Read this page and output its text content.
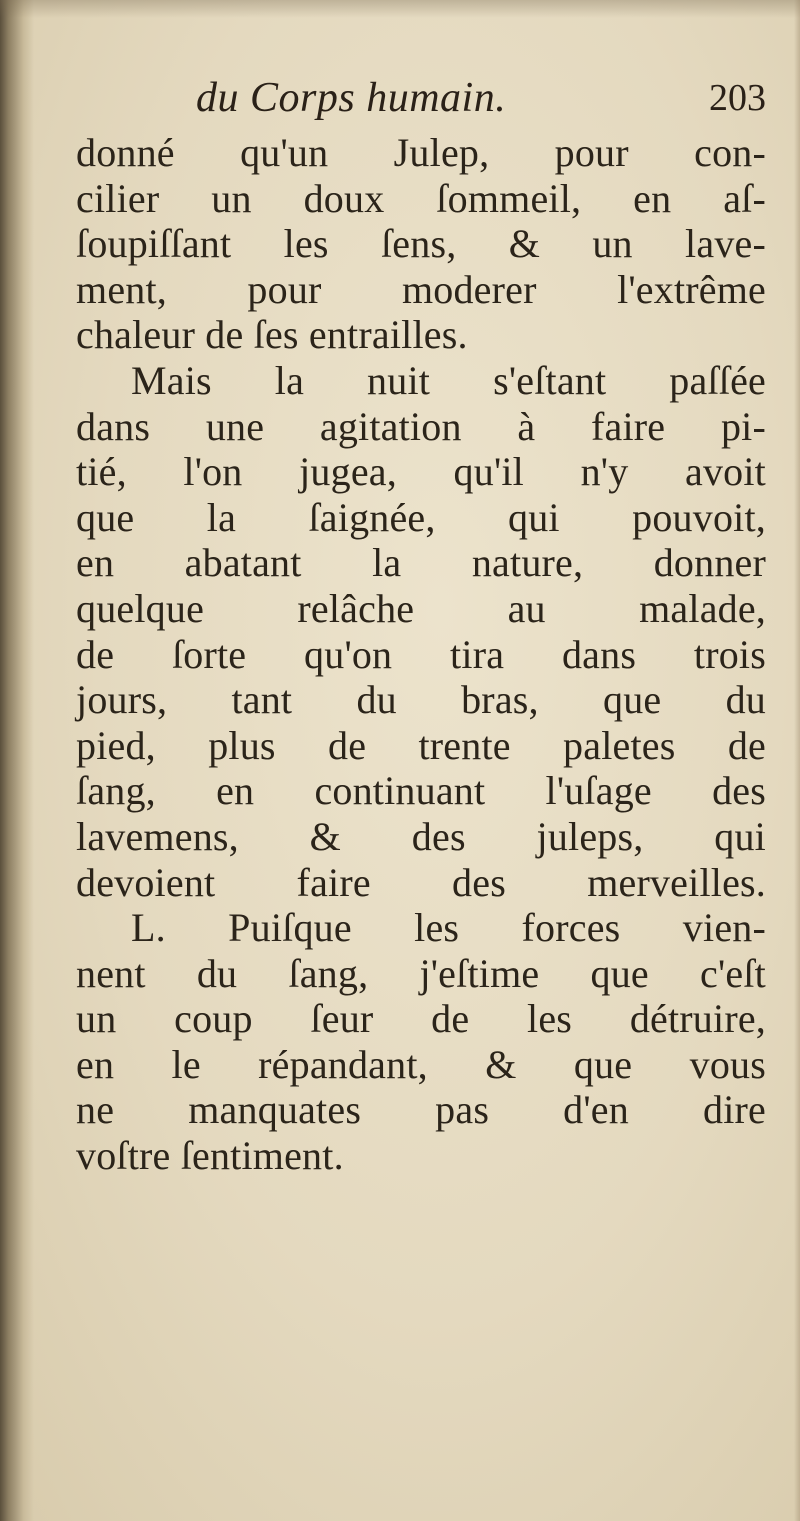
du Corps humain.	203
donné qu'un Julep, pour con-
cilier un doux ſommeil, en aſ-
ſoupiſſant les ſens, & un lave-
ment, pour moderer l'extrême
chaleur de ſes entrailles.
Mais la nuit s'eſtant paſſée
dans une agitation à faire pi-
tié, l'on jugea, qu'il n'y avoit
que la ſaignée, qui pouvoit,
en abatant la nature, donner
quelque relâche au malade,
de ſorte qu'on tira dans trois
jours, tant du bras, que du
pied, plus de trente paletes de
ſang, en continuant l'uſage des
lavemens, & des juleps, qui
devoient faire des merveilles.
L. Puiſque les forces vien-
nent du ſang, j'eſtime que c'eſt
un coup ſeur de les détruire,
en le répandant, & que vous
ne manquates pas d'en dire
voſtre ſentiment.
